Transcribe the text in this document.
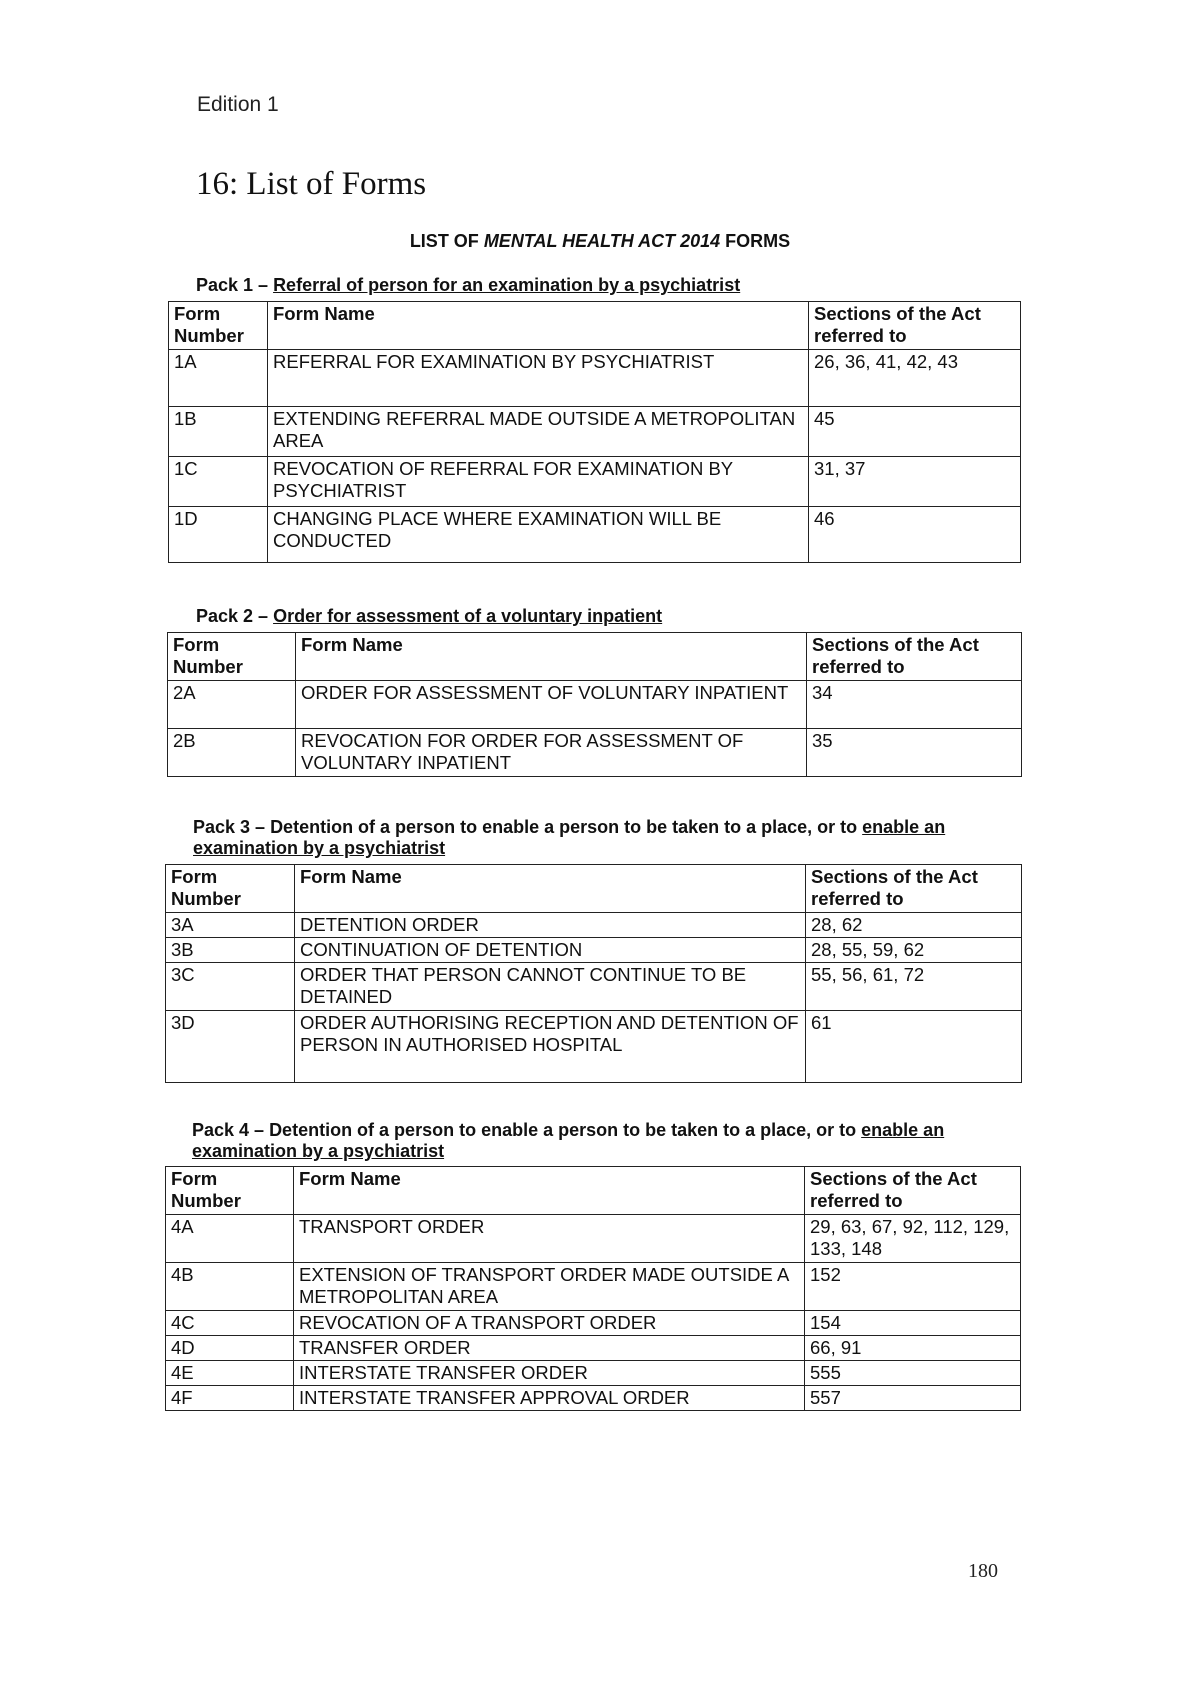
Edition 1
16: List of Forms
LIST OF MENTAL HEALTH ACT 2014 FORMS
Pack 1 – Referral of person for an examination by a psychiatrist
Form Number	Form Name	Sections of the Act referred to
1A	REFERRAL FOR EXAMINATION BY PSYCHIATRIST	26, 36, 41, 42, 43
1B	EXTENDING REFERRAL MADE OUTSIDE A METROPOLITAN AREA	45
1C	REVOCATION OF REFERRAL FOR EXAMINATION BY PSYCHIATRIST	31, 37
1D	CHANGING PLACE WHERE EXAMINATION WILL BE CONDUCTED	46
Pack 2 – Order for assessment of a voluntary inpatient
Form Number	Form Name	Sections of the Act referred to
2A	ORDER FOR ASSESSMENT OF VOLUNTARY INPATIENT	34
2B	REVOCATION FOR ORDER FOR ASSESSMENT OF VOLUNTARY INPATIENT	35
Pack 3 – Detention of a person to enable a person to be taken to a place, or to enable an examination by a psychiatrist
Form Number	Form Name	Sections of the Act referred to
3A	DETENTION ORDER	28, 62
3B	CONTINUATION OF DETENTION	28, 55, 59, 62
3C	ORDER THAT PERSON CANNOT CONTINUE TO BE DETAINED	55, 56, 61, 72
3D	ORDER AUTHORISING RECEPTION AND DETENTION OF PERSON IN AUTHORISED HOSPITAL	61
Pack 4 – Detention of a person to enable a person to be taken to a place, or to enable an examination by a psychiatrist
Form Number	Form Name	Sections of the Act referred to
4A	TRANSPORT ORDER	29, 63, 67, 92, 112, 129, 133, 148
4B	EXTENSION OF TRANSPORT ORDER MADE OUTSIDE A METROPOLITAN AREA	152
4C	REVOCATION OF A TRANSPORT ORDER	154
4D	TRANSFER ORDER	66, 91
4E	INTERSTATE TRANSFER ORDER	555
4F	INTERSTATE TRANSFER APPROVAL ORDER	557
180
